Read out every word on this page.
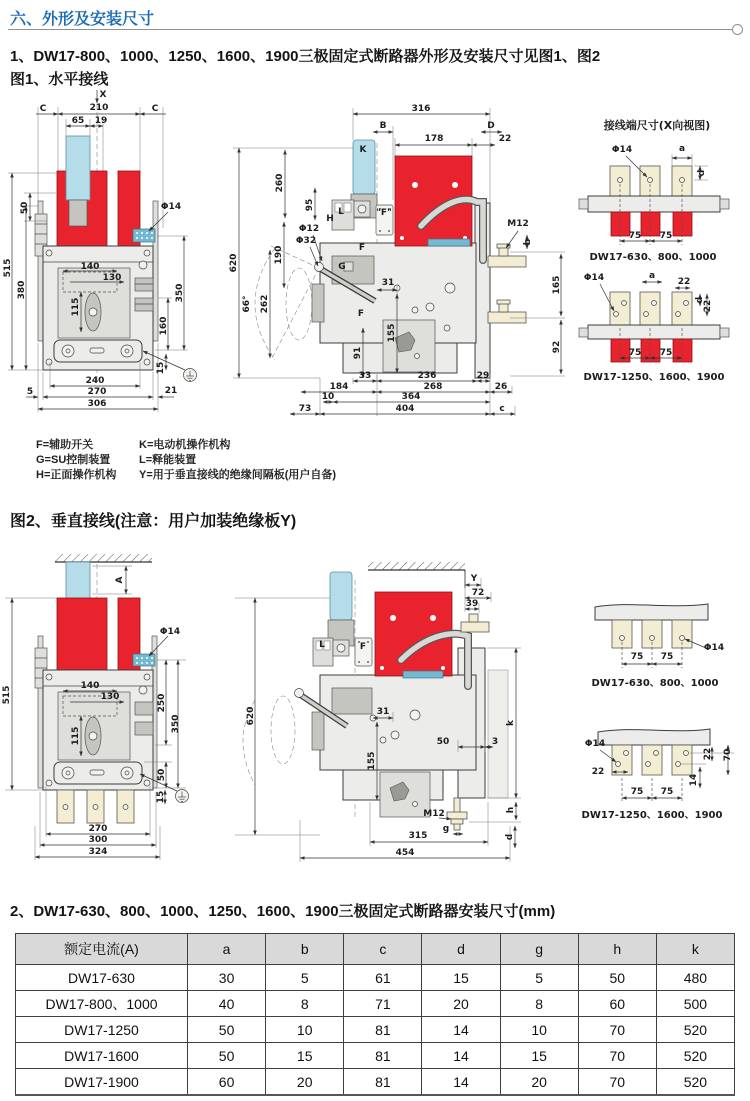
六、外形及安装尺寸
1、DW17-800、1000、1250、1600、1900三极固定式断路器外形及安装尺寸见图1、图2
图1、水平接线
X
C	210	C
65 19
50
515
380
Φ14
140
130
115
350
160
15
240
270
306
5	21
316
B	D
178	22
K
260
620
95
L
H
"F"
Φ12
Φ32
190	F
G
66° 262
31
155
F
91
33	236	29
184	268	26
10	364
73	404	c
M12
b
165
92
接线端尺寸(X向视图)
Φ14	a
d
75 75
DW17-630、800、1000
Φ14	a
22
d
22
75 75
DW17-1250、1600、1900
F=辅助开关	K=电动机操作机构
G=SU控制装置	L=释能装置
H=正面操作机构	Y=用于垂直接线的绝缘间隔板(用户自备)
图2、垂直接线(注意：用户加装绝缘板Y)
A
515
Φ14
140
130
115
250
350
50
15
270
300
324
620
Y
72
39
L	F
31
155
50	3
k
M12
g
h
d
315
454
75 75
Φ14
DW17-630、800、1000
Φ14
22
22 70
14
75 75
DW17-1250、1600、1900
2、DW17-630、800、1000、1250、1600、1900三极固定式断路器安装尺寸(mm)
额定电流(A)	a	b	c	d	g	h	k
DW17-630	30	5	61	15	5	50	480
DW17-800、1000	40	8	71	20	8	60	500
DW17-1250	50	10	81	14	10	70	520
DW17-1600	50	15	81	14	15	70	520
DW17-1900	60	20	81	14	20	70	520
